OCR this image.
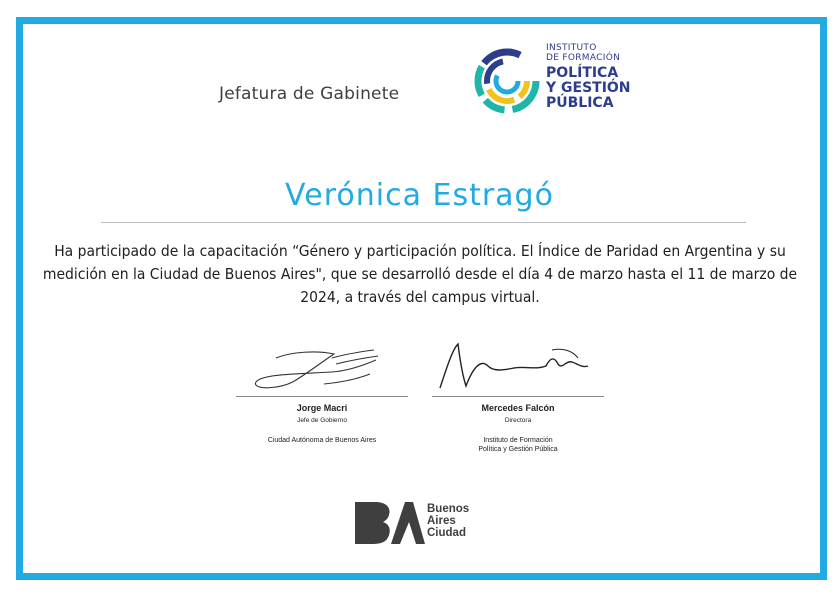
Jefatura de Gabinete
INSTITUTO
DE FORMACIÓN
POLÍTICA
Y GESTIÓN
PÚBLICA
Verónica Estragó
Ha participado de la capacitación “Género y participación política. El Índice de Paridad en Argentina y su medición en la Ciudad de Buenos Aires", que se desarrolló desde el día 4 de marzo hasta el 11 de marzo de 2024, a través del campus virtual.
Jorge Macri
Jefe de Gobierno
Ciudad Autónoma de Buenos Aires
Mercedes Falcón
Directora
Instituto de Formación
Política y Gestión Pública
Buenos
Aires
Ciudad
